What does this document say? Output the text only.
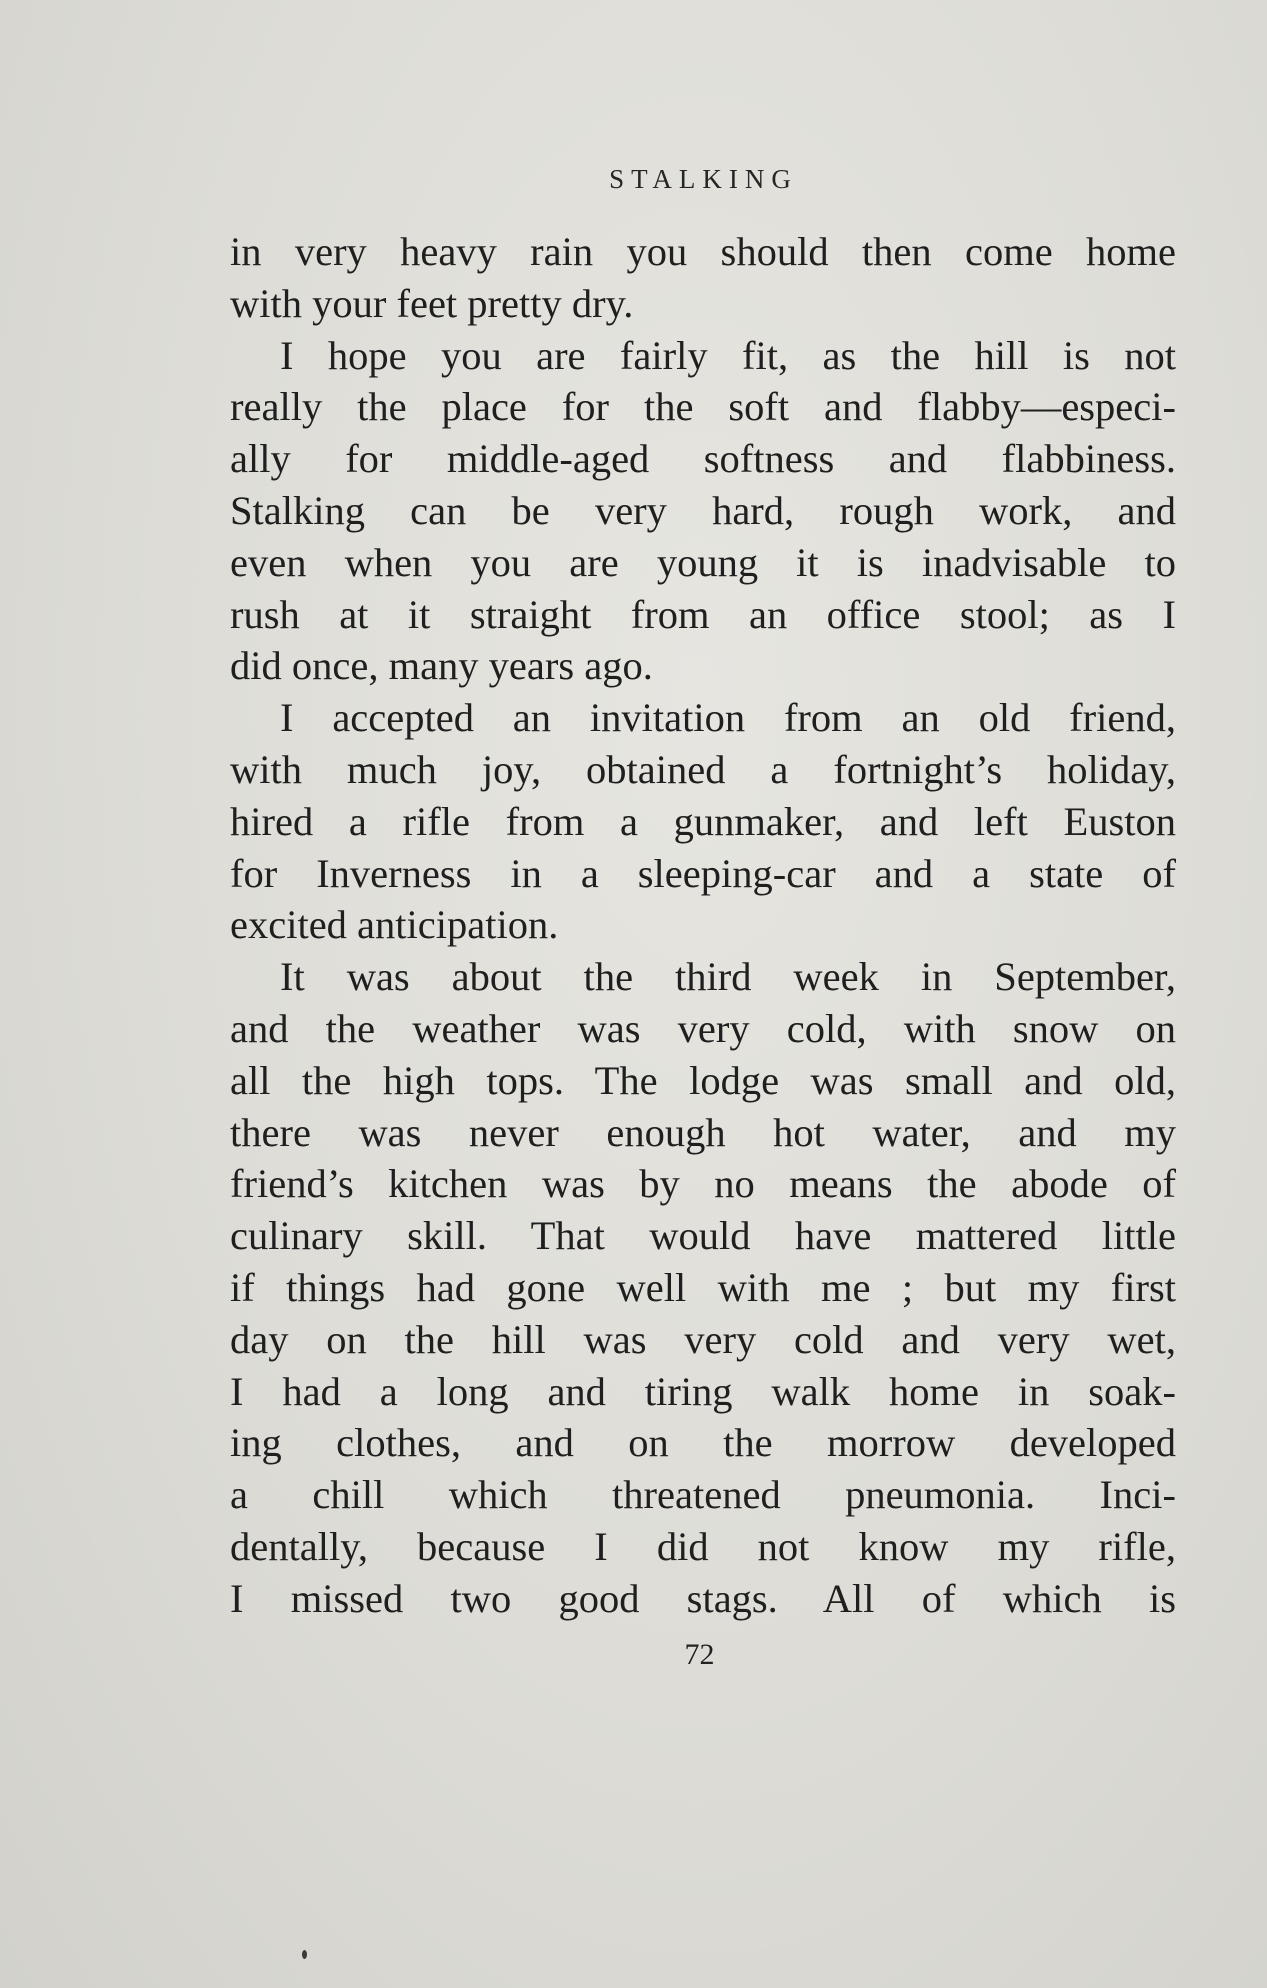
STALKING

in very heavy rain you should then come home
with your feet pretty dry.

I hope you are fairly fit, as the hill is not
really the place for the soft and flabby—especi-
ally for middle-aged softness and flabbiness.
Stalking can be very hard, rough work, and
even when you are young it is inadvisable to
rush at it straight from an office stool; as I
did once, many years ago.

I accepted an invitation from an old friend,
with much joy, obtained a fortnight’s holiday,
hired a rifle from a gunmaker, and left Euston
for Inverness in a sleeping-car and a state of
excited anticipation.

It was about the third week in September,
and the weather was very cold, with snow on
all the high tops. The lodge was small and old,
there was never enough hot water, and my
friend’s kitchen was by no means the abode of
culinary skill. That would have mattered little
if things had gone well with me ; but my first
day on the hill was very cold and very wet,
I had a long and tiring walk home in soak-
ing clothes, and on the morrow developed
a chill which threatened pneumonia. Inci-
dentally, because I did not know my rifle,
I missed two good stags. All of which is

72
